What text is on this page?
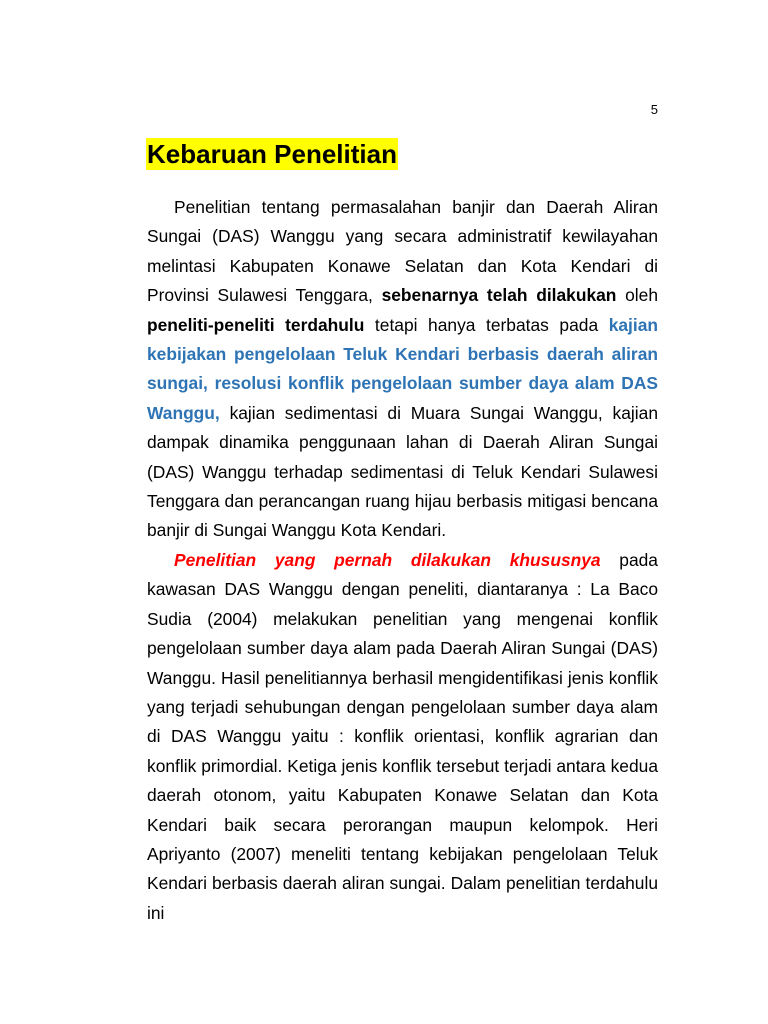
5
Kebaruan Penelitian

Penelitian tentang permasalahan banjir dan Daerah Aliran Sungai (DAS) Wanggu yang secara administratif kewilayahan melintasi Kabupaten Konawe Selatan dan Kota Kendari di Provinsi Sulawesi Tenggara, sebenarnya telah dilakukan oleh peneliti-peneliti terdahulu tetapi hanya terbatas pada kajian kebijakan pengelolaan Teluk Kendari berbasis daerah aliran sungai, resolusi konflik pengelolaan sumber daya alam DAS Wanggu, kajian sedimentasi di Muara Sungai Wanggu, kajian dampak dinamika penggunaan lahan di Daerah Aliran Sungai (DAS) Wanggu terhadap sedimentasi di Teluk Kendari Sulawesi Tenggara dan perancangan ruang hijau berbasis mitigasi bencana banjir di Sungai Wanggu Kota Kendari.

Penelitian yang pernah dilakukan khususnya pada kawasan DAS Wanggu dengan peneliti, diantaranya : La Baco Sudia (2004) melakukan penelitian yang mengenai konflik pengelolaan sumber daya alam pada Daerah Aliran Sungai (DAS) Wanggu. Hasil penelitiannya berhasil mengidentifikasi jenis konflik yang terjadi sehubungan dengan pengelolaan sumber daya alam di DAS Wanggu yaitu : konflik orientasi, konflik agrarian dan konflik primordial. Ketiga jenis konflik tersebut terjadi antara kedua daerah otonom, yaitu Kabupaten Konawe Selatan dan Kota Kendari baik secara perorangan maupun kelompok. Heri Apriyanto (2007) meneliti tentang kebijakan pengelolaan Teluk Kendari berbasis daerah aliran sungai. Dalam penelitian terdahulu ini
